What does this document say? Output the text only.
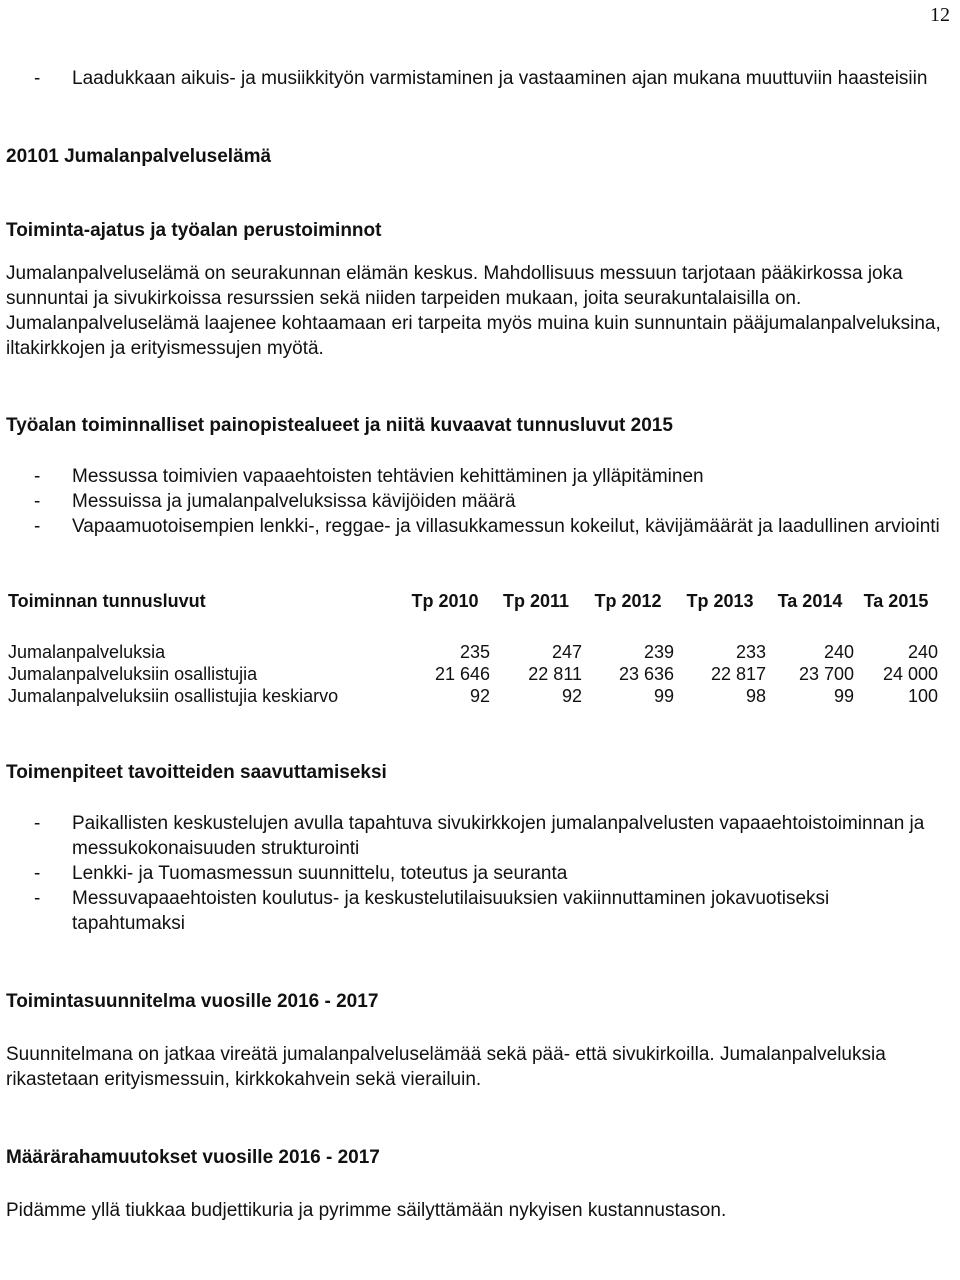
12
- Laadukkaan aikuis- ja musiikkityön varmistaminen ja vastaaminen ajan mukana muuttuviin haasteisiin

20101 Jumalanpalveluselämä

Toiminta-ajatus ja työalan perustoiminnot

Jumalanpalveluselämä on seurakunnan elämän keskus. Mahdollisuus messuun tarjotaan pääkirkossa joka sunnuntai ja sivukirkoissa resurssien sekä niiden tarpeiden mukaan, joita seurakuntalaisilla on. Jumalanpalveluselämä laajenee kohtaamaan eri tarpeita myös muina kuin sunnuntain pääjumalanpalveluksina, iltakirkkojen ja erityismessujen myötä.

Työalan toiminnalliset painopistealueet ja niitä kuvaavat tunnusluvut 2015

- Messussa toimivien vapaaehtoisten tehtävien kehittäminen ja ylläpitäminen
- Messuissa ja jumalanpalveluksissa kävijöiden määrä
- Vapaamuotoisempien lenkki-, reggae- ja villasukkamessun kokeilut, kävijämäärät ja laadullinen arviointi
Toiminnan tunnusluvut	Tp 2010	Tp 2011	Tp 2012	Tp 2013	Ta 2014	Ta 2015

Jumalanpalveluksia	235	247	239	233	240	240
Jumalanpalveluksiin osallistujia	21 646	22 811	23 636	22 817	23 700	24 000
Jumalanpalveluksiin osallistujia keskiarvo	92	92	99	98	99	100

Toimenpiteet tavoitteiden saavuttamiseksi

- Paikallisten keskustelujen avulla tapahtuva sivukirkkojen jumalanpalvelusten vapaaehtoistoiminnan ja messukokonaisuuden strukturointi
- Lenkki- ja Tuomasmessun suunnittelu, toteutus ja seuranta
- Messuvapaaehtoisten koulutus- ja keskustelutilaisuuksien vakiinnuttaminen jokavuotiseksi tapahtumaksi

Toimintasuunnitelma vuosille 2016 - 2017

Suunnitelmana on jatkaa vireätä jumalanpalveluselämää sekä pää- että sivukirkoilla. Jumalanpalveluksia rikastetaan erityismessuin, kirkkokahvein sekä vierailuin.

Määrärahamuutokset vuosille 2016 - 2017

Pidämme yllä tiukkaa budjettikuria ja pyrimme säilyttämään nykyisen kustannustason.
